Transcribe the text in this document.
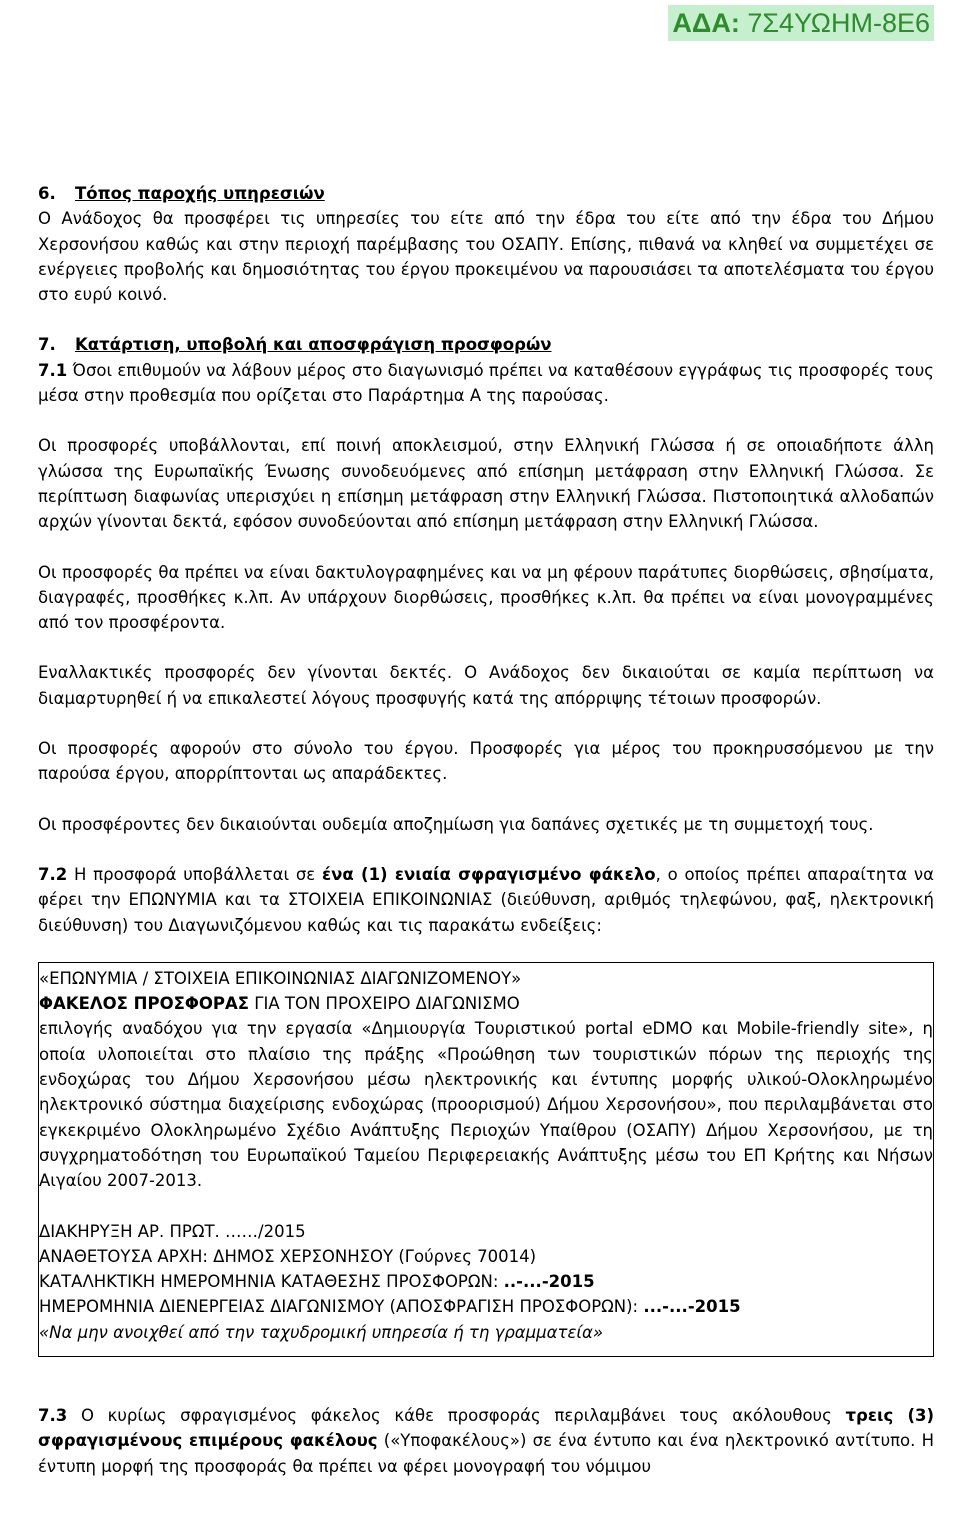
ΑΔΑ: 7Σ4ΥΩΗΜ-8Ε6
6.	Τόπος παροχής υπηρεσιών

Ο Ανάδοχος θα προσφέρει τις υπηρεσίες του είτε από την έδρα του είτε από την έδρα του Δήμου Χερσονήσου καθώς και στην περιοχή παρέμβασης του ΟΣΑΠΥ. Επίσης, πιθανά να κληθεί να συμμετέχει σε ενέργειες προβολής και δημοσιότητας του έργου προκειμένου να παρουσιάσει τα αποτελέσματα του έργου στο ευρύ κοινό.

7.	Κατάρτιση, υποβολή και αποσφράγιση προσφορών

7.1 Όσοι επιθυμούν να λάβουν μέρος στο διαγωνισμό πρέπει να καταθέσουν εγγράφως τις προσφορές τους μέσα στην προθεσμία που ορίζεται στο Παράρτημα Α της παρούσας.

Οι προσφορές υποβάλλονται, επί ποινή αποκλεισμού, στην Ελληνική Γλώσσα ή σε οποιαδήποτε άλλη γλώσσα της Ευρωπαϊκής Ένωσης συνοδευόμενες από επίσημη μετάφραση στην Ελληνική Γλώσσα. Σε περίπτωση διαφωνίας υπερισχύει η επίσημη μετάφραση στην Ελληνική Γλώσσα. Πιστοποιητικά αλλοδαπών αρχών γίνονται δεκτά, εφόσον συνοδεύονται από επίσημη μετάφραση στην Ελληνική Γλώσσα.

Οι προσφορές θα πρέπει να είναι δακτυλογραφημένες και να μη φέρουν παράτυπες διορθώσεις, σβησίματα, διαγραφές, προσθήκες κ.λπ. Αν υπάρχουν διορθώσεις, προσθήκες κ.λπ. θα πρέπει να είναι μονογραμμένες από τον προσφέροντα.

Εναλλακτικές προσφορές δεν γίνονται δεκτές. Ο Ανάδοχος δεν δικαιούται σε καμία περίπτωση να διαμαρτυρηθεί ή να επικαλεστεί λόγους προσφυγής κατά της απόρριψης τέτοιων προσφορών.

Οι προσφορές αφορούν στο σύνολο του έργου. Προσφορές για μέρος του προκηρυσσόμενου με την παρούσα έργου, απορρίπτονται ως απαράδεκτες.

Οι προσφέροντες δεν δικαιούνται ουδεμία αποζημίωση για δαπάνες σχετικές με τη συμμετοχή τους.

7.2 Η προσφορά υποβάλλεται σε ένα (1) ενιαία σφραγισμένο φάκελο, ο οποίος πρέπει απαραίτητα να φέρει την ΕΠΩΝΥΜΙΑ και τα ΣΤΟΙΧΕΙΑ ΕΠΙΚΟΙΝΩΝΙΑΣ (διεύθυνση, αριθμός τηλεφώνου, φαξ, ηλεκτρονική διεύθυνση) του Διαγωνιζόμενου καθώς και τις παρακάτω ενδείξεις:

«ΕΠΩΝΥΜΙΑ / ΣΤΟΙΧΕΙΑ ΕΠΙΚΟΙΝΩΝΙΑΣ ΔΙΑΓΩΝΙΖΟΜΕΝΟΥ»

ΦΑΚΕΛΟΣ ΠΡΟΣΦΟΡΑΣ ΓΙΑ ΤΟΝ ΠΡΟΧΕΙΡΟ ΔΙΑΓΩΝΙΣΜΟ

επιλογής αναδόχου για την εργασία «Δημιουργία Τουριστικού portal eDMO και Mobile-friendly site», η οποία υλοποιείται στο πλαίσιο της πράξης «Προώθηση των τουριστικών πόρων της περιοχής της ενδοχώρας του Δήμου Χερσονήσου μέσω ηλεκτρονικής και έντυπης μορφής υλικού-Ολοκληρωμένο ηλεκτρονικό σύστημα διαχείρισης ενδοχώρας (προορισμού) Δήμου Χερσονήσου», που περιλαμβάνεται στο εγκεκριμένο Ολοκληρωμένο Σχέδιο Ανάπτυξης Περιοχών Υπαίθρου (ΟΣΑΠΥ) Δήμου Χερσονήσου, με τη συγχρηματοδότηση του Ευρωπαϊκού Ταμείου Περιφερειακής Ανάπτυξης μέσω του ΕΠ Κρήτης και Νήσων Αιγαίου 2007-2013.

ΔΙΑΚΗΡΥΞΗ ΑΡ. ΠΡΩΤ. ……/2015

ΑΝΑΘΕΤΟΥΣΑ ΑΡΧΗ: ΔΗΜΟΣ ΧΕΡΣΟΝΗΣΟΥ (Γούρνες 70014)

ΚΑΤΑΛΗΚΤΙΚΗ ΗΜΕΡΟΜΗΝΙΑ ΚΑΤΑΘΕΣΗΣ ΠΡΟΣΦΟΡΩΝ: ..-...-2015

ΗΜΕΡΟΜΗΝΙΑ ΔΙΕΝΕΡΓΕΙΑΣ ΔΙΑΓΩΝΙΣΜΟΥ (ΑΠΟΣΦΡΑΓΙΣΗ ΠΡΟΣΦΟΡΩΝ): ...-...-2015

«Να μην ανοιχθεί από την ταχυδρομική υπηρεσία ή τη γραμματεία»

7.3 Ο κυρίως σφραγισμένος φάκελος κάθε προσφοράς περιλαμβάνει τους ακόλουθους τρεις (3) σφραγισμένους επιμέρους φακέλους («Υποφακέλους») σε ένα έντυπο και ένα ηλεκτρονικό αντίτυπο. Η έντυπη μορφή της προσφοράς θα πρέπει να φέρει μονογραφή του νόμιμου
